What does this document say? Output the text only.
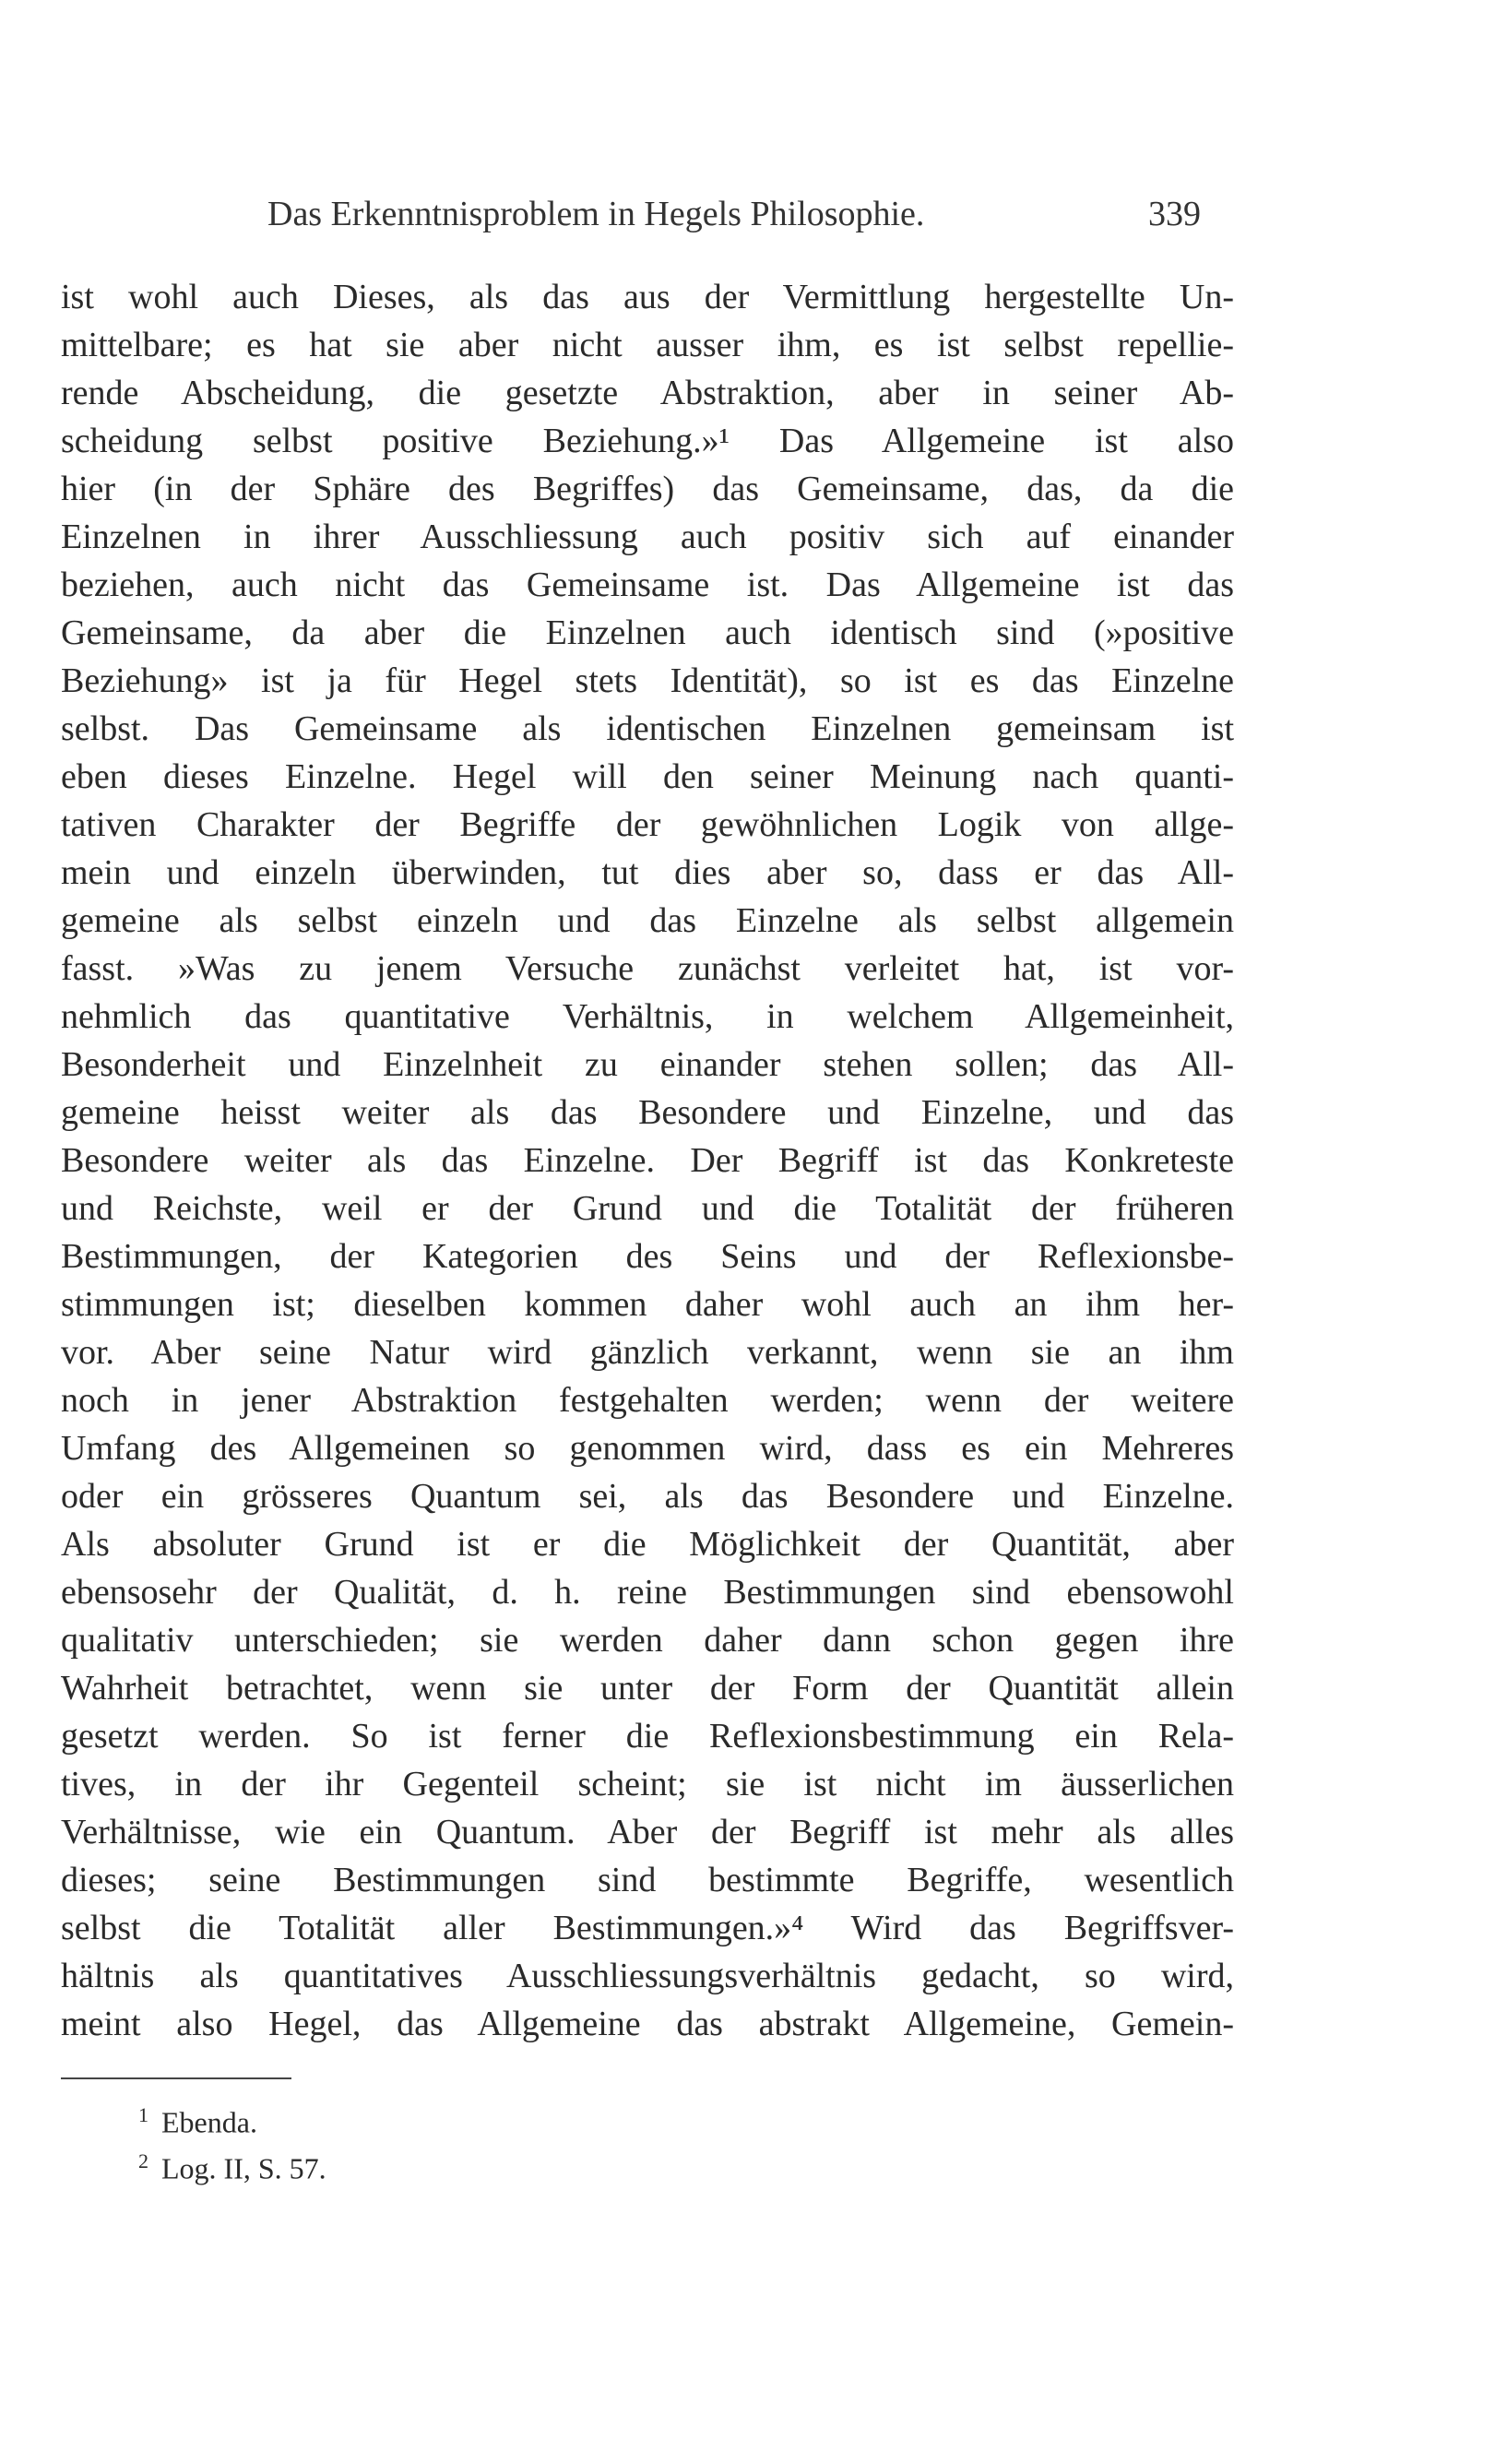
Das Erkenntnisproblem in Hegels Philosophie.	339
ist wohl auch Dieses, als das aus der Vermittlung hergestellte Un-
mittelbare; es hat sie aber nicht ausser ihm, es ist selbst repellie-
rende Abscheidung, die gesetzte Abstraktion, aber in seiner Ab-
scheidung selbst positive Beziehung.»¹ Das Allgemeine ist also
hier (in der Sphäre des Begriffes) das Gemeinsame, das, da die
Einzelnen in ihrer Ausschliessung auch positiv sich auf einander
beziehen, auch nicht das Gemeinsame ist. Das Allgemeine ist das
Gemeinsame, da aber die Einzelnen auch identisch sind (»positive
Beziehung» ist ja für Hegel stets Identität), so ist es das Einzelne
selbst. Das Gemeinsame als identischen Einzelnen gemeinsam ist
eben dieses Einzelne. Hegel will den seiner Meinung nach quanti-
tativen Charakter der Begriffe der gewöhnlichen Logik von allge-
mein und einzeln überwinden, tut dies aber so, dass er das All-
gemeine als selbst einzeln und das Einzelne als selbst allgemein
fasst. »Was zu jenem Versuche zunächst verleitet hat, ist vor-
nehmlich das quantitative Verhältnis, in welchem Allgemeinheit,
Besonderheit und Einzelnheit zu einander stehen sollen; das All-
gemeine heisst weiter als das Besondere und Einzelne, und das
Besondere weiter als das Einzelne. Der Begriff ist das Konkreteste
und Reichste, weil er der Grund und die Totalität der früheren
Bestimmungen, der Kategorien des Seins und der Reflexionsbe-
stimmungen ist; dieselben kommen daher wohl auch an ihm her-
vor. Aber seine Natur wird gänzlich verkannt, wenn sie an ihm
noch in jener Abstraktion festgehalten werden; wenn der weitere
Umfang des Allgemeinen so genommen wird, dass es ein Mehreres
oder ein grösseres Quantum sei, als das Besondere und Einzelne.
Als absoluter Grund ist er die Möglichkeit der Quantität, aber
ebensosehr der Qualität, d. h. reine Bestimmungen sind ebensowohl
qualitativ unterschieden; sie werden daher dann schon gegen ihre
Wahrheit betrachtet, wenn sie unter der Form der Quantität allein
gesetzt werden. So ist ferner die Reflexionsbestimmung ein Rela-
tives, in der ihr Gegenteil scheint; sie ist nicht im äusserlichen
Verhältnisse, wie ein Quantum. Aber der Begriff ist mehr als alles
dieses; seine Bestimmungen sind bestimmte Begriffe, wesentlich
selbst die Totalität aller Bestimmungen.»⁴ Wird das Begriffsver-
hältnis als quantitatives Ausschliessungsverhältnis gedacht, so wird,
meint also Hegel, das Allgemeine das abstrakt Allgemeine, Gemein-
$^1$ Ebenda.
$^2$ Log. II, S. 57.
